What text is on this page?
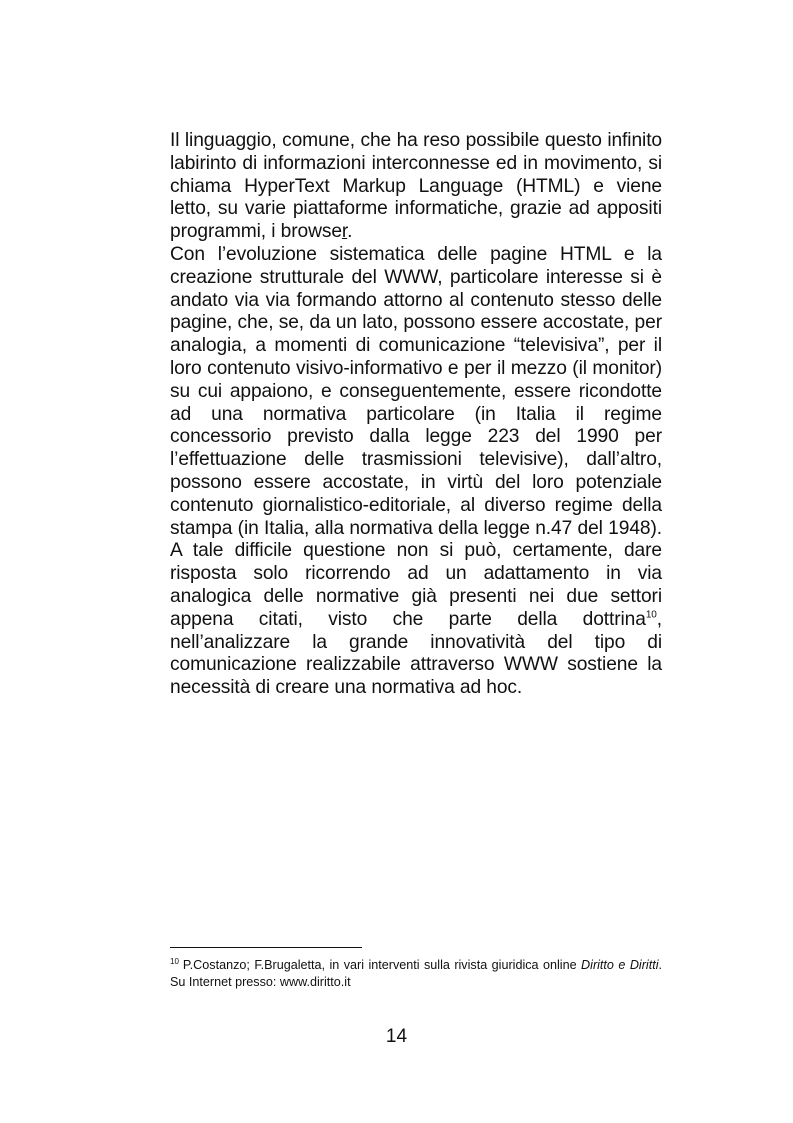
Il linguaggio, comune, che ha reso possibile questo infinito labirinto di informazioni interconnesse ed in movimento, si chiama HyperText Markup Language (HTML) e viene letto, su varie piattaforme informatiche, grazie ad appositi programmi, i browser.

Con l’evoluzione sistematica delle pagine HTML e la creazione strutturale del WWW, particolare interesse si è andato via via formando attorno al contenuto stesso delle pagine, che, se, da un lato, possono essere accostate, per analogia, a momenti di comunicazione “televisiva”, per il loro contenuto visivo-informativo e per il mezzo (il monitor) su cui appaiono, e conseguentemente, essere ricondotte ad una normativa particolare (in Italia il regime concessorio previsto dalla legge 223 del 1990 per l’effettuazione delle trasmissioni televisive), dall’altro, possono essere accostate, in virtù del loro potenziale contenuto giornalistico-editoriale, al diverso regime della stampa (in Italia, alla normativa della legge n.47 del 1948). A tale difficile questione non si può, certamente, dare risposta solo ricorrendo ad un adattamento in via analogica delle normative già presenti nei due settori appena citati, visto che parte della dottrina$^{10}$, nell’analizzare la grande innovatività del tipo di comunicazione realizzabile attraverso WWW sostiene la necessità di creare una normativa ad hoc.

$^{10}$ P.Costanzo; F.Brugaletta, in vari interventi sulla rivista giuridica online Diritto e Diritti. Su Internet presso: www.diritto.it

14
